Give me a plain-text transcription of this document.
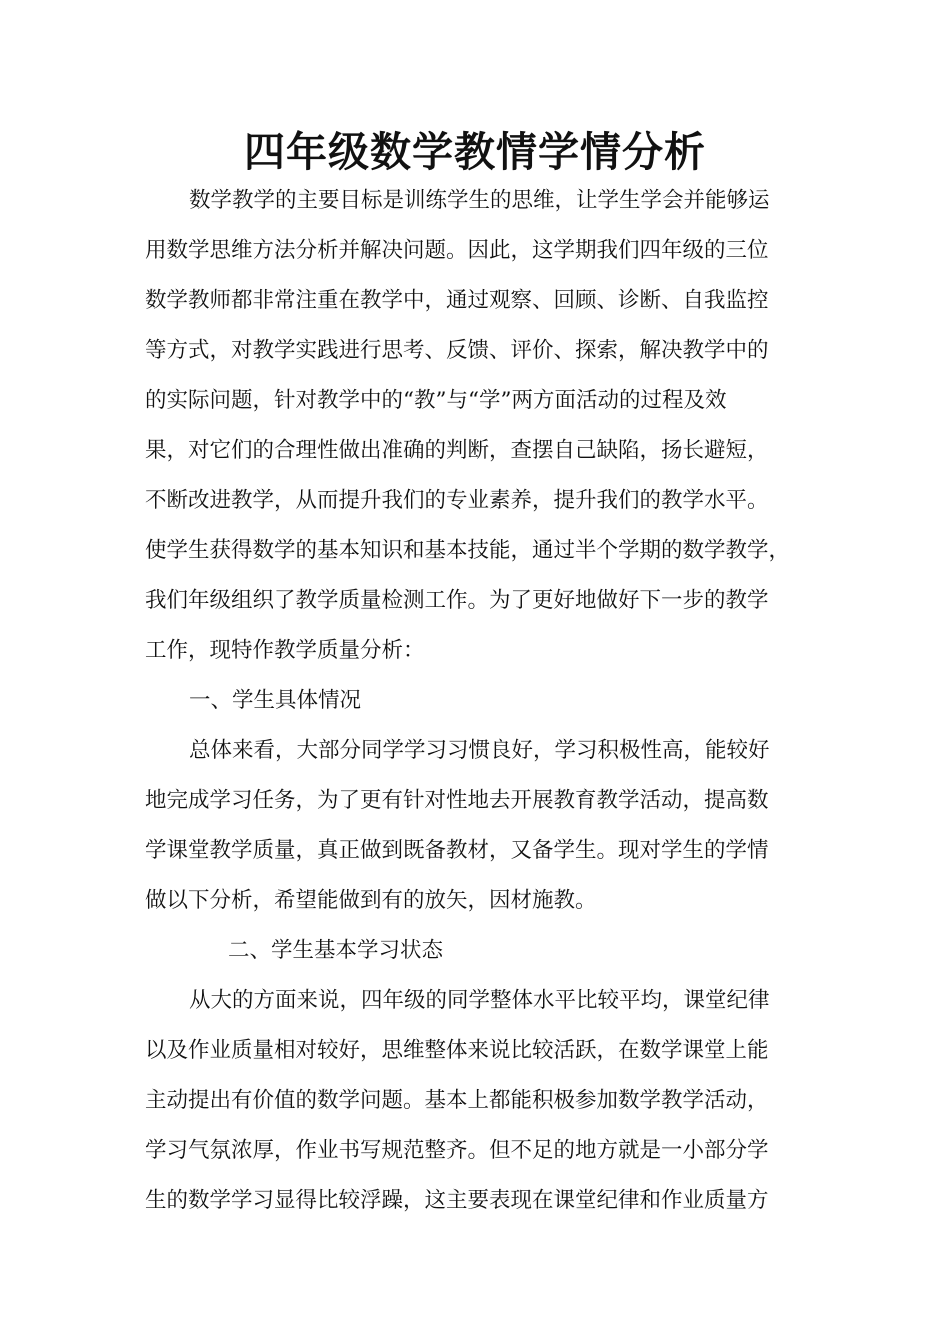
四年级数学教情学情分析
数学教学的主要目标是训练学生的思维，让学生学会并能够运
用数学思维方法分析并解决问题。因此，这学期我们四年级的三位
数学教师都非常注重在教学中，通过观察、回顾、诊断、自我监控
等方式，对教学实践进行思考、反馈、评价、探索，解决教学中的
的实际问题，针对教学中的“教”与“学”两方面活动的过程及效
果，对它们的合理性做出准确的判断，查摆自己缺陷，扬长避短，
不断改进教学，从而提升我们的专业素养，提升我们的教学水平。
使学生获得数学的基本知识和基本技能，通过半个学期的数学教学，
我们年级组织了教学质量检测工作。为了更好地做好下一步的教学
工作，现特作教学质量分析：
一、学生具体情况
总体来看，大部分同学学习习惯良好，学习积极性高，能较好
地完成学习任务，为了更有针对性地去开展教育教学活动，提高数
学课堂教学质量，真正做到既备教材，又备学生。现对学生的学情
做以下分析，希望能做到有的放矢，因材施教。
二、学生基本学习状态
从大的方面来说，四年级的同学整体水平比较平均，课堂纪律
以及作业质量相对较好，思维整体来说比较活跃，在数学课堂上能
主动提出有价值的数学问题。基本上都能积极参加数学教学活动，
学习气氛浓厚，作业书写规范整齐。但不足的地方就是一小部分学
生的数学学习显得比较浮躁，这主要表现在课堂纪律和作业质量方
